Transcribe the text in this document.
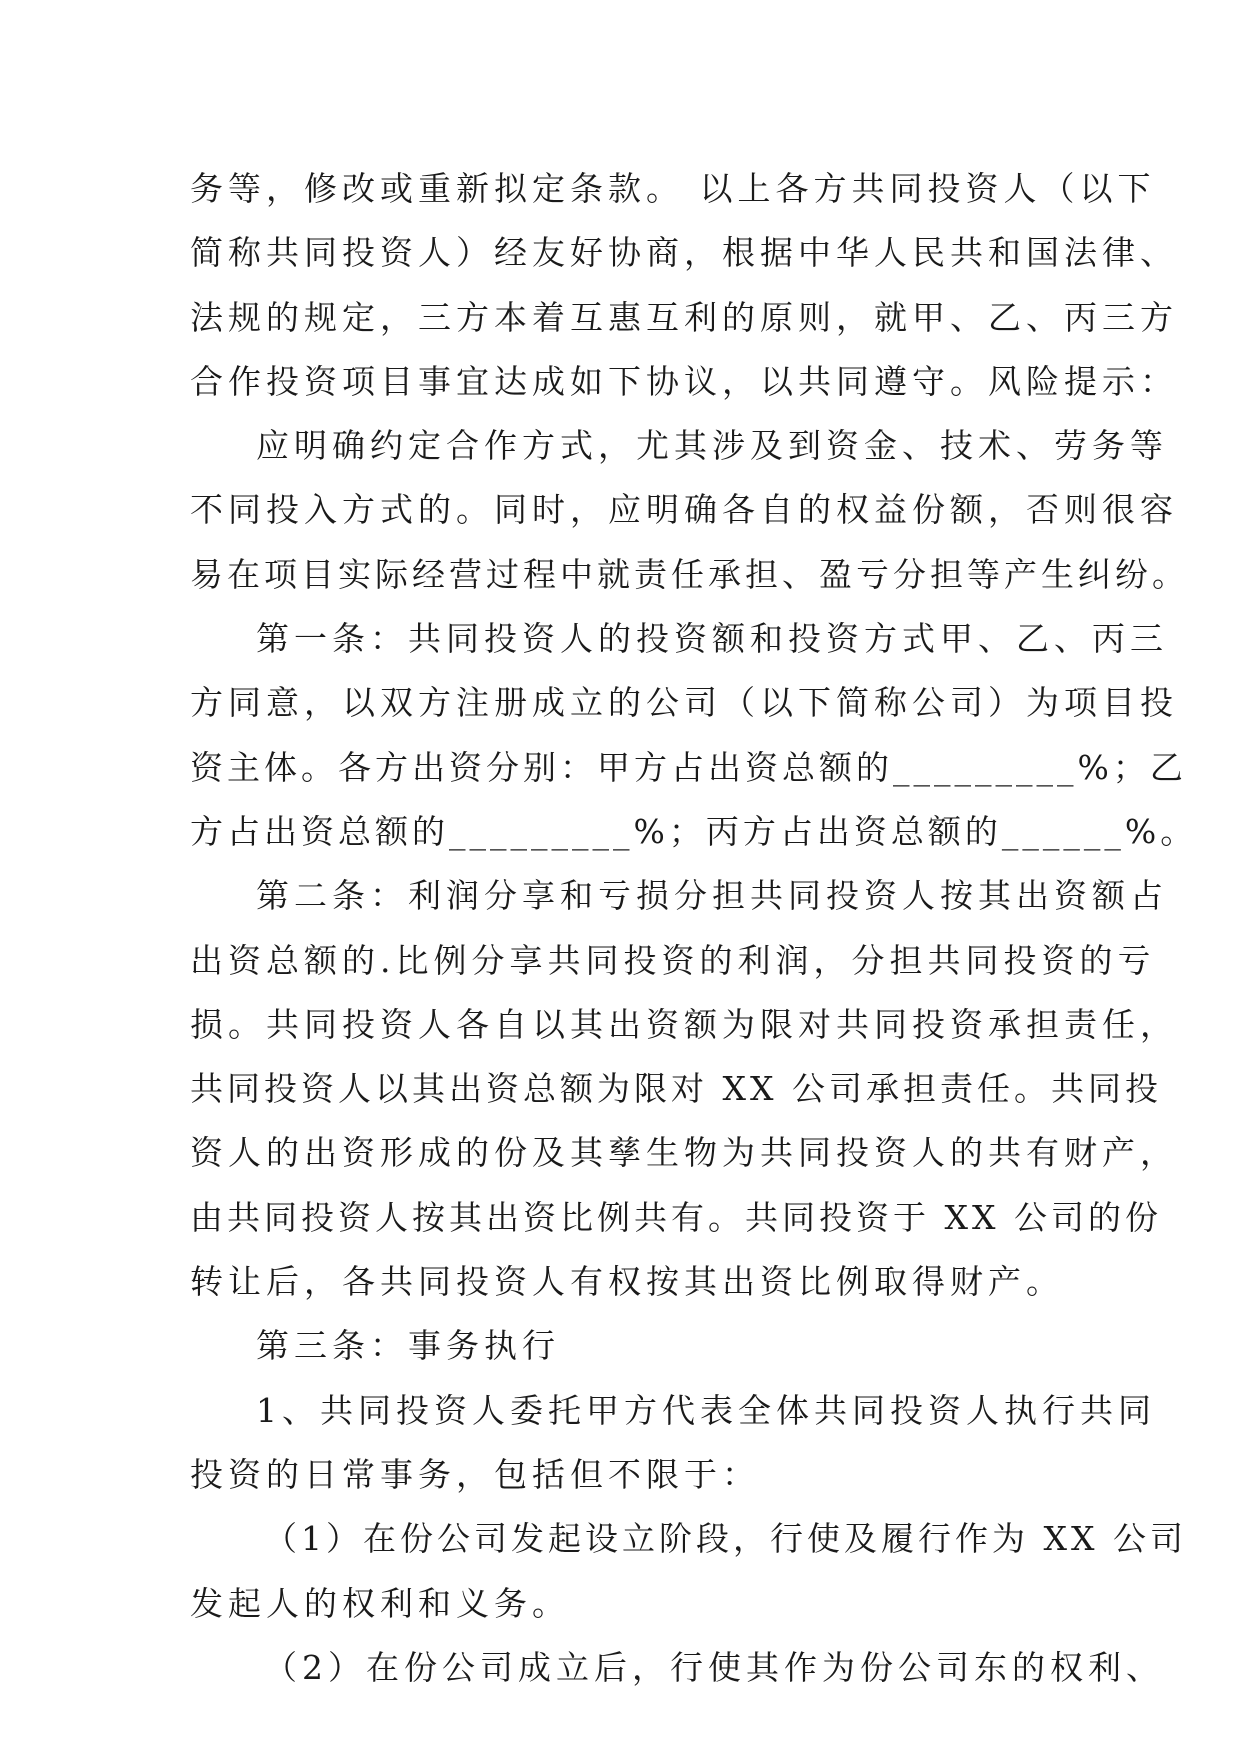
务等，修改或重新拟定条款。 以上各方共同投资人（以下
简称共同投资人）经友好协商，根据中华人民共和国法律、
法规的规定，三方本着互惠互利的原则，就甲、乙、丙三方
合作投资项目事宜达成如下协议，以共同遵守。风险提示：
应明确约定合作方式，尤其涉及到资金、技术、劳务等
不同投入方式的。同时，应明确各自的权益份额，否则很容
易在项目实际经营过程中就责任承担、盈亏分担等产生纠纷。
第一条：共同投资人的投资额和投资方式甲、乙、丙三
方同意，以双方注册成立的公司（以下简称公司）为项目投
资主体。各方出资分别：甲方占出资总额的_________%；乙
方占出资总额的_________%；丙方占出资总额的______%。
第二条：利润分享和亏损分担共同投资人按其出资额占
出资总额的.比例分享共同投资的利润，分担共同投资的亏
损。共同投资人各自以其出资额为限对共同投资承担责任，
共同投资人以其出资总额为限对 XX 公司承担责任。共同投
资人的出资形成的份及其孳生物为共同投资人的共有财产，
由共同投资人按其出资比例共有。共同投资于 XX 公司的份
转让后，各共同投资人有权按其出资比例取得财产。
第三条：事务执行
1、共同投资人委托甲方代表全体共同投资人执行共同
投资的日常事务，包括但不限于：
（1）在份公司发起设立阶段，行使及履行作为 XX 公司
发起人的权利和义务。
（2）在份公司成立后，行使其作为份公司东的权利、
